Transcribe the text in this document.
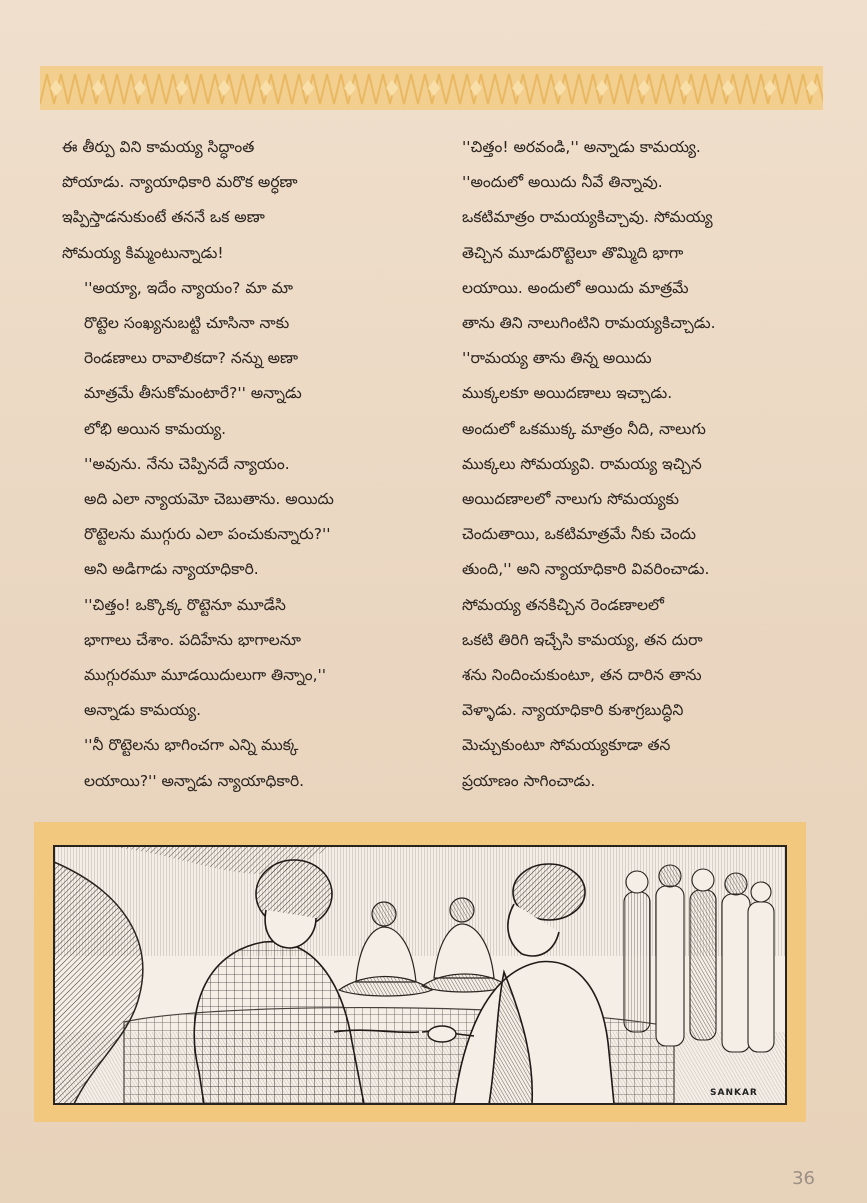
ఈ తీర్పు విని కామయ్య సిద్ధాంత
పోయాడు. న్యాయాధికారి మరొక అర్ధణా
ఇప్పిస్తాడనుకుంటే తననే ఒక అణా
సోమయ్య కిమ్మంటున్నాడు!

''అయ్యా, ఇదేం న్యాయం? మా మా
రొట్టెల సంఖ్యనుబట్టి చూసినా నాకు
రెండణాలు రావాలికదా? నన్ను అణా
మాత్రమే తీసుకోమంటారే?'' అన్నాడు
లోభి అయిన కామయ్య.

''అవును. నేను చెప్పినదే న్యాయం.
అది ఎలా న్యాయమో చెబుతాను. అయిదు
రొట్టెలను ముగ్గురు ఎలా పంచుకున్నారు?''
అని అడిగాడు న్యాయాధికారి.

''చిత్తం! ఒక్కొక్క రొట్టెనూ మూడేసి
భాగాలు చేశాం. పదిహేను భాగాలనూ
ముగ్గురమూ మూడయిదులుగా తిన్నాం,''
అన్నాడు కామయ్య.

''నీ రొట్టెలను భాగించగా ఎన్ని ముక్క
లయాయి?'' అన్నాడు న్యాయాధికారి.

''చిత్తం! అరవండి,'' అన్నాడు కామయ్య.

''అందులో అయిదు నీవే తిన్నావు.
ఒకటిమాత్రం రామయ్యకిచ్చావు. సోమయ్య
తెచ్చిన మూడురొట్టెలూ తొమ్మిది భాగా
లయాయి. అందులో అయిదు మాత్రమే
తాను తిని నాలుగింటిని రామయ్యకిచ్చాడు.

''రామయ్య తాను తిన్న అయిదు
ముక్కలకూ అయిదణాలు ఇచ్చాడు.
అందులో ఒకముక్క మాత్రం నీది, నాలుగు
ముక్కలు సోమయ్యవి. రామయ్య ఇచ్చిన
అయిదణాలలో నాలుగు సోమయ్యకు
చెందుతాయి, ఒకటిమాత్రమే నీకు చెందు
తుంది,'' అని న్యాయాధికారి వివరించాడు.

సోమయ్య తనకిచ్చిన రెండణాలలో
ఒకటి తిరిగి ఇచ్చేసి కామయ్య, తన దురా
శను నిందించుకుంటూ, తన దారిన తాను
వెళ్ళాడు. న్యాయాధికారి కుశాగ్రబుద్ధిని
మెచ్చుకుంటూ సోమయ్యకూడా తన
ప్రయాణం సాగించాడు.

SANKAR
36
